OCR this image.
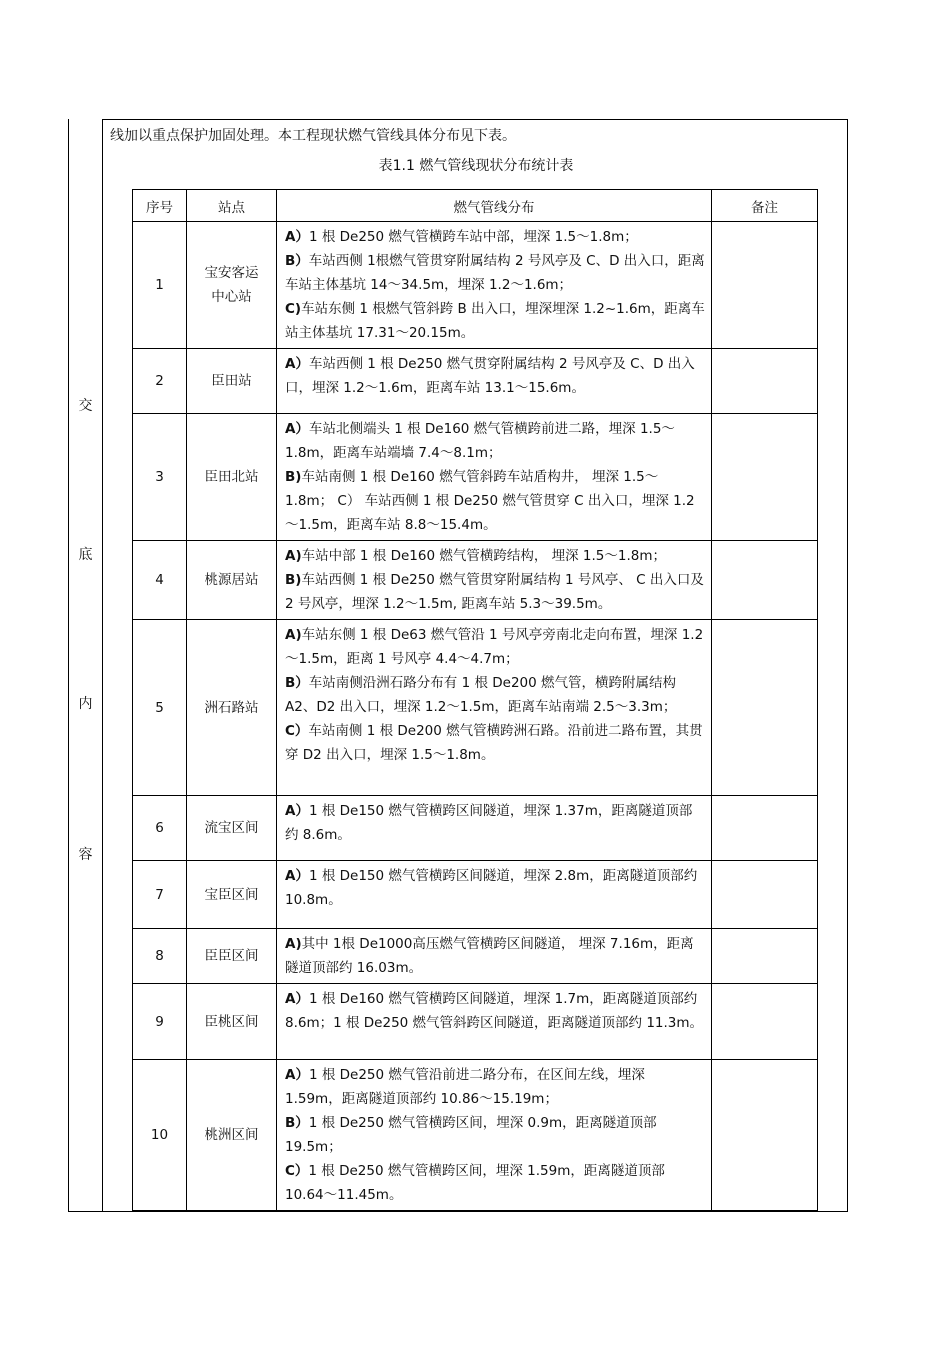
交
底
内
容
线加以重点保护加固处理。本工程现状燃气管线具体分布见下表。
表1.1 燃气管线现状分布统计表
序号	站点	燃气管线分布	备注
1	宝安客运中心站	A）1 根 De250 燃气管横跨车站中部，埋深 1.5～1.8m；
B）车站西侧 1根燃气管贯穿附属结构 2 号风亭及 C、D 出入口，距离车站主体基坑 14～34.5m，埋深 1.2～1.6m；
C)车站东侧 1 根燃气管斜跨 B 出入口，埋深埋深 1.2~1.6m，距离车站主体基坑 17.31～20.15m。	

2	臣田站	A）车站西侧 1 根 De250 燃气贯穿附属结构 2 号风亭及 C、D 出入口，埋深 1.2～1.6m，距离车站 13.1～15.6m。	

3	臣田北站	A）车站北侧端头 1 根 De160 燃气管横跨前进二路，埋深 1.5～1.8m，距离车站端墙 7.4～8.1m；
B)车站南侧 1 根 De160 燃气管斜跨车站盾构井， 埋深 1.5～1.8m； C） 车站西侧 1 根 De250 燃气管贯穿 C 出入口，埋深 1.2～1.5m，距离车站 8.8～15.4m。	

4	桃源居站	A)车站中部 1 根 De160 燃气管横跨结构， 埋深 1.5～1.8m；
B)车站西侧 1 根 De250 燃气管贯穿附属结构 1 号风亭、 C 出入口及 2 号风亭，埋深 1.2～1.5m, 距离车站 5.3～39.5m。	

5	洲石路站	A)车站东侧 1 根 De63 燃气管沿 1 号风亭旁南北走向布置，埋深 1.2～1.5m，距离 1 号风亭 4.4～4.7m；
B）车站南侧沿洲石路分布有 1 根 De200 燃气管，横跨附属结构 A2、D2 出入口，埋深 1.2～1.5m，距离车站南端 2.5～3.3m；
C）车站南侧 1 根 De200 燃气管横跨洲石路。沿前进二路布置，其贯穿 D2 出入口，埋深 1.5～1.8m。	

6	流宝区间	A）1 根 De150 燃气管横跨区间隧道，埋深 1.37m，距离隧道顶部约 8.6m。	

7	宝臣区间	A）1 根 De150 燃气管横跨区间隧道，埋深 2.8m，距离隧道顶部约 10.8m。	

8	臣臣区间	A)其中 1根 De1000高压燃气管横跨区间隧道， 埋深 7.16m，距离隧道顶部约 16.03m。	

9	臣桃区间	A）1 根 De160 燃气管横跨区间隧道，埋深 1.7m，距离隧道顶部约 8.6m；1 根 De250 燃气管斜跨区间隧道，距离隧道顶部约 11.3m。	

10	桃洲区间	A）1 根 De250 燃气管沿前进二路分布，在区间左线，埋深 1.59m，距离隧道顶部约 10.86～15.19m；
B）1 根 De250 燃气管横跨区间，埋深 0.9m，距离隧道顶部 19.5m；
C）1 根 De250 燃气管横跨区间，埋深 1.59m，距离隧道顶部 10.64～11.45m。	
